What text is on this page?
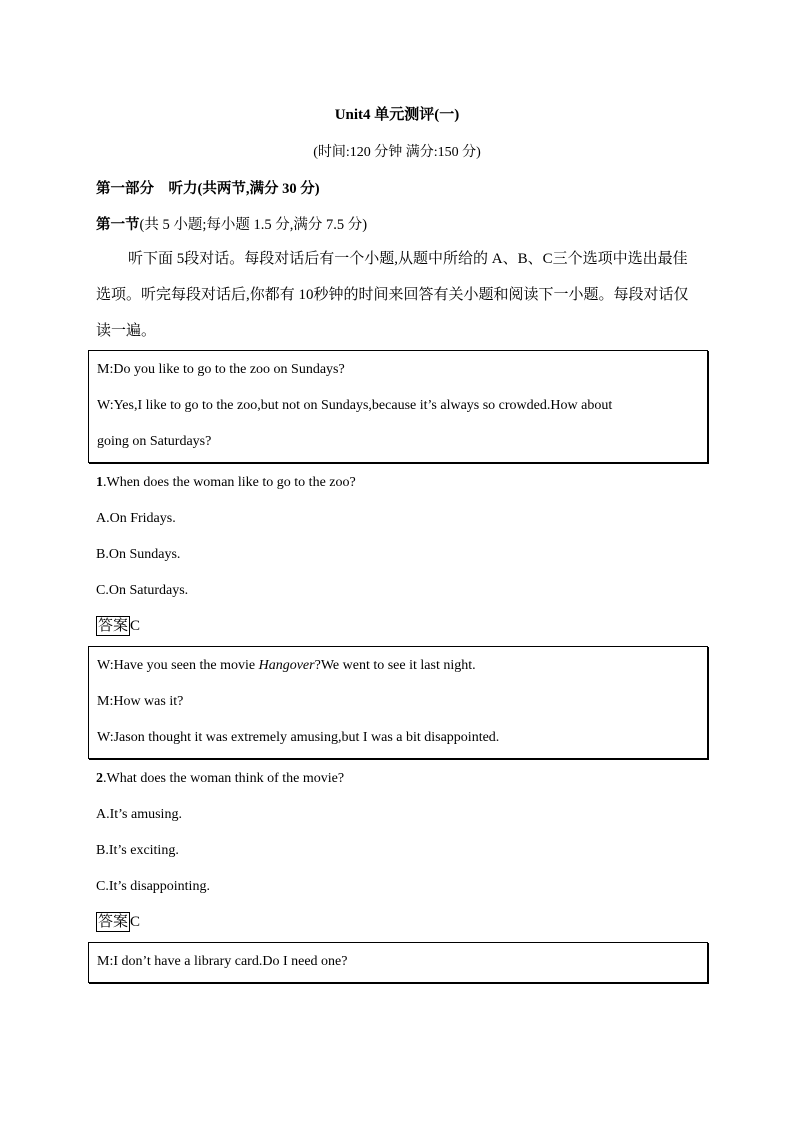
Unit4 单元测评(一)
(时间:120 分钟 满分:150 分)
第一部分 听力(共两节,满分 30 分)
第一节(共 5 小题;每小题 1.5 分,满分 7.5 分)
听下面 5段对话。每段对话后有一个小题,从题中所给的 A、B、C三个选项中选出最佳选项。听完每段对话后,你都有 10秒钟的时间来回答有关小题和阅读下一小题。每段对话仅读一遍。
M:Do you like to go to the zoo on Sundays?
W:Yes,I like to go to the zoo,but not on Sundays,because it’s always so crowded.How about
going on Saturdays?
1.When does the woman like to go to the zoo?
A.On Fridays.
B.On Sundays.
C.On Saturdays.
答案 C
W:Have you seen the movie Hangover?We went to see it last night.
M:How was it?
W:Jason thought it was extremely amusing,but I was a bit disappointed.
2.What does the woman think of the movie?
A.It’s amusing.
B.It’s exciting.
C.It’s disappointing.
答案 C
M:I don’t have a library card.Do I need one?
